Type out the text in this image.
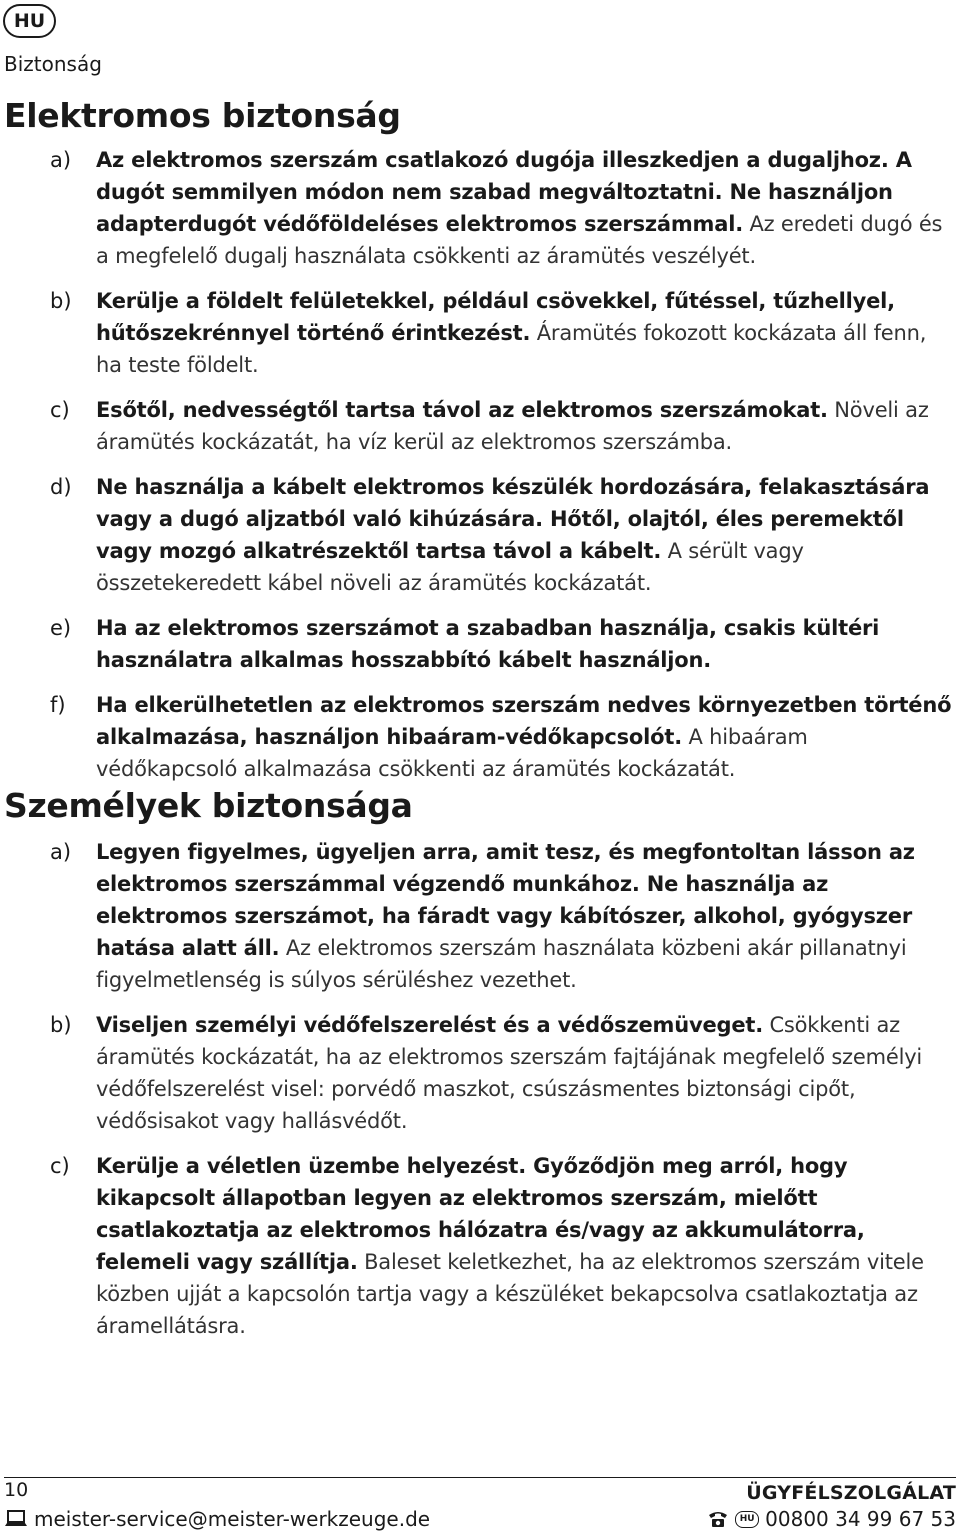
HU
Biztonság
Elektromos biztonság
a) Az elektromos szerszám csatlakozó dugója illeszkedjen a dugaljhoz. A dugót semmilyen módon nem szabad megváltoztatni. Ne használjon adapterdugót védőföldeléses elektromos szerszámmal. Az eredeti dugó és a megfelelő dugalj használata csökkenti az áramütés veszélyét.
b) Kerülje a földelt felületekkel, például csövekkel, fűtéssel, tűzhellyel, hűtőszekrénnyel történő érintkezést. Áramütés fokozott kockázata áll fenn, ha teste földelt.
c) Esőtől, nedvességtől tartsa távol az elektromos szerszámokat. Növeli az áramütés kockázatát, ha víz kerül az elektromos szerszámba.
d) Ne használja a kábelt elektromos készülék hordozására, felakasztására vagy a dugó aljzatból való kihúzására. Hőtől, olajtól, éles peremektől vagy mozgó alkatrészektől tartsa távol a kábelt. A sérült vagy összetekeredett kábel növeli az áramütés kockázatát.
e) Ha az elektromos szerszámot a szabadban használja, csakis kültéri használatra alkalmas hosszabbító kábelt használjon.
f) Ha elkerülhetetlen az elektromos szerszám nedves környezetben történő alkalmazása, használjon hibaáram-védőkapcsolót. A hibaáram védőkapcsoló alkalmazása csökkenti az áramütés kockázatát.
Személyek biztonsága
a) Legyen figyelmes, ügyeljen arra, amit tesz, és megfontoltan lásson az elektromos szerszámmal végzendő munkához. Ne használja az elektromos szerszámot, ha fáradt vagy kábítószer, alkohol, gyógyszer hatása alatt áll. Az elektromos szerszám használata közbeni akár pillanatnyi figyelmetlenség is súlyos sérüléshez vezethet.
b) Viseljen személyi védőfelszerelést és a védőszemüveget. Csökkenti az áramütés kockázatát, ha az elektromos szerszám fajtájának megfelelő személyi védőfelszerelést visel: porvédő maszkot, csúszásmentes biztonsági cipőt, védősisakot vagy hallásvédőt.
c) Kerülje a véletlen üzembe helyezést. Győződjön meg arról, hogy kikapcsolt állapotban legyen az elektromos szerszám, mielőtt csatlakoztatja az elektromos hálózatra és/vagy az akkumulátorra, felemeli vagy szállítja. Baleset keletkezhet, ha az elektromos szerszám vitele közben ujját a kapcsolón tartja vagy a készüléket bekapcsolva csatlakoztatja az áramellátásra.
10	ÜGYFÉLSZOLGÁLAT
meister-service@meister-werkzeuge.de	HU 00800 34 99 67 53
